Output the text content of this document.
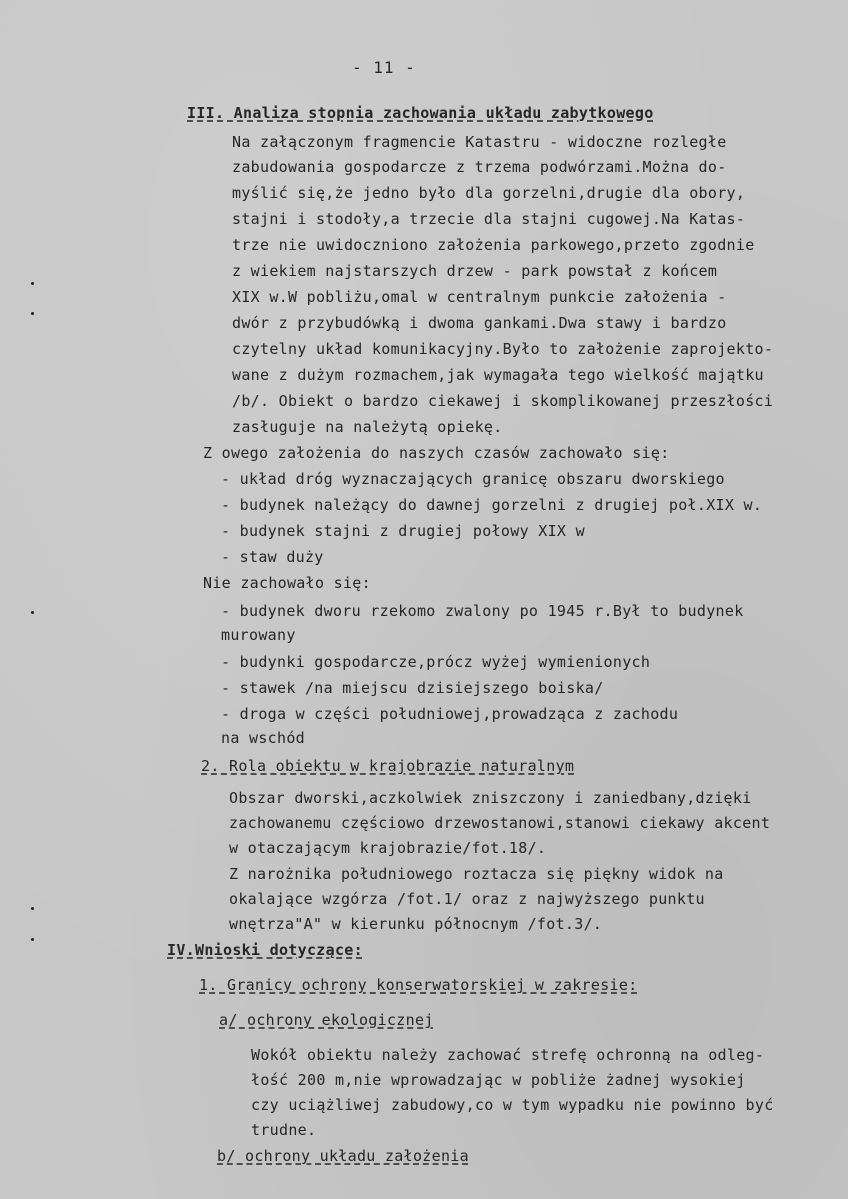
- 11 -
III. Analiza stopnia zachowania układu zabytkowego
Na załączonym fragmencie Katastru - widoczne rozległe
zabudowania gospodarcze z trzema podwórzami.Można do-
myślić się,że jedno było dla gorzelni,drugie dla obory,
stajni i stodoły,a trzecie dla stajni cugowej.Na Katas-
trze nie uwidoczniono założenia parkowego,przeto zgodnie
z wiekiem najstarszych drzew - park powstał z końcem
XIX w.W pobliżu,omal w centralnym punkcie założenia -
dwór z przybudówką i dwoma gankami.Dwa stawy i bardzo
czytelny układ komunikacyjny.Było to założenie zaprojekto-
wane z dużym rozmachem,jak wymagała tego wielkość majątku
/b/. Obiekt o bardzo ciekawej i skomplikowanej przeszłości
zasługuje na należytą opiekę.
Z owego założenia do naszych czasów zachowało się:
- układ dróg wyznaczających granicę obszaru dworskiego
- budynek należący do dawnej gorzelni z drugiej poł.XIX w.
- budynek stajni z drugiej połowy XIX w
- staw duży
Nie zachowało się:
- budynek dworu rzekomo zwalony po 1945 r.Był to budynek
murowany
- budynki gospodarcze,prócz wyżej wymienionych
- stawek /na miejscu dzisiejszego boiska/
- droga w części południowej,prowadząca z zachodu
na wschód
2. Rola obiektu w krajobrazie naturalnym
Obszar dworski,aczkolwiek zniszczony i zaniedbany,dzięki
zachowanemu częściowo drzewostanowi,stanowi ciekawy akcent
w otaczającym krajobrazie/fot.18/.
Z narożnika południowego roztacza się piękny widok na
okalające wzgórza /fot.1/ oraz z najwyższego punktu
wnętrza"A" w kierunku północnym /fot.3/.
IV.Wnioski dotyczące:
1. Granicy ochrony konserwatorskiej w zakresie:
a/ ochrony ekologicznej
Wokół obiektu należy zachować strefę ochronną na odleg-
łość 200 m,nie wprowadzając w pobliże żadnej wysokiej
czy uciążliwej zabudowy,co w tym wypadku nie powinno być
trudne.
b/ ochrony układu założenia
